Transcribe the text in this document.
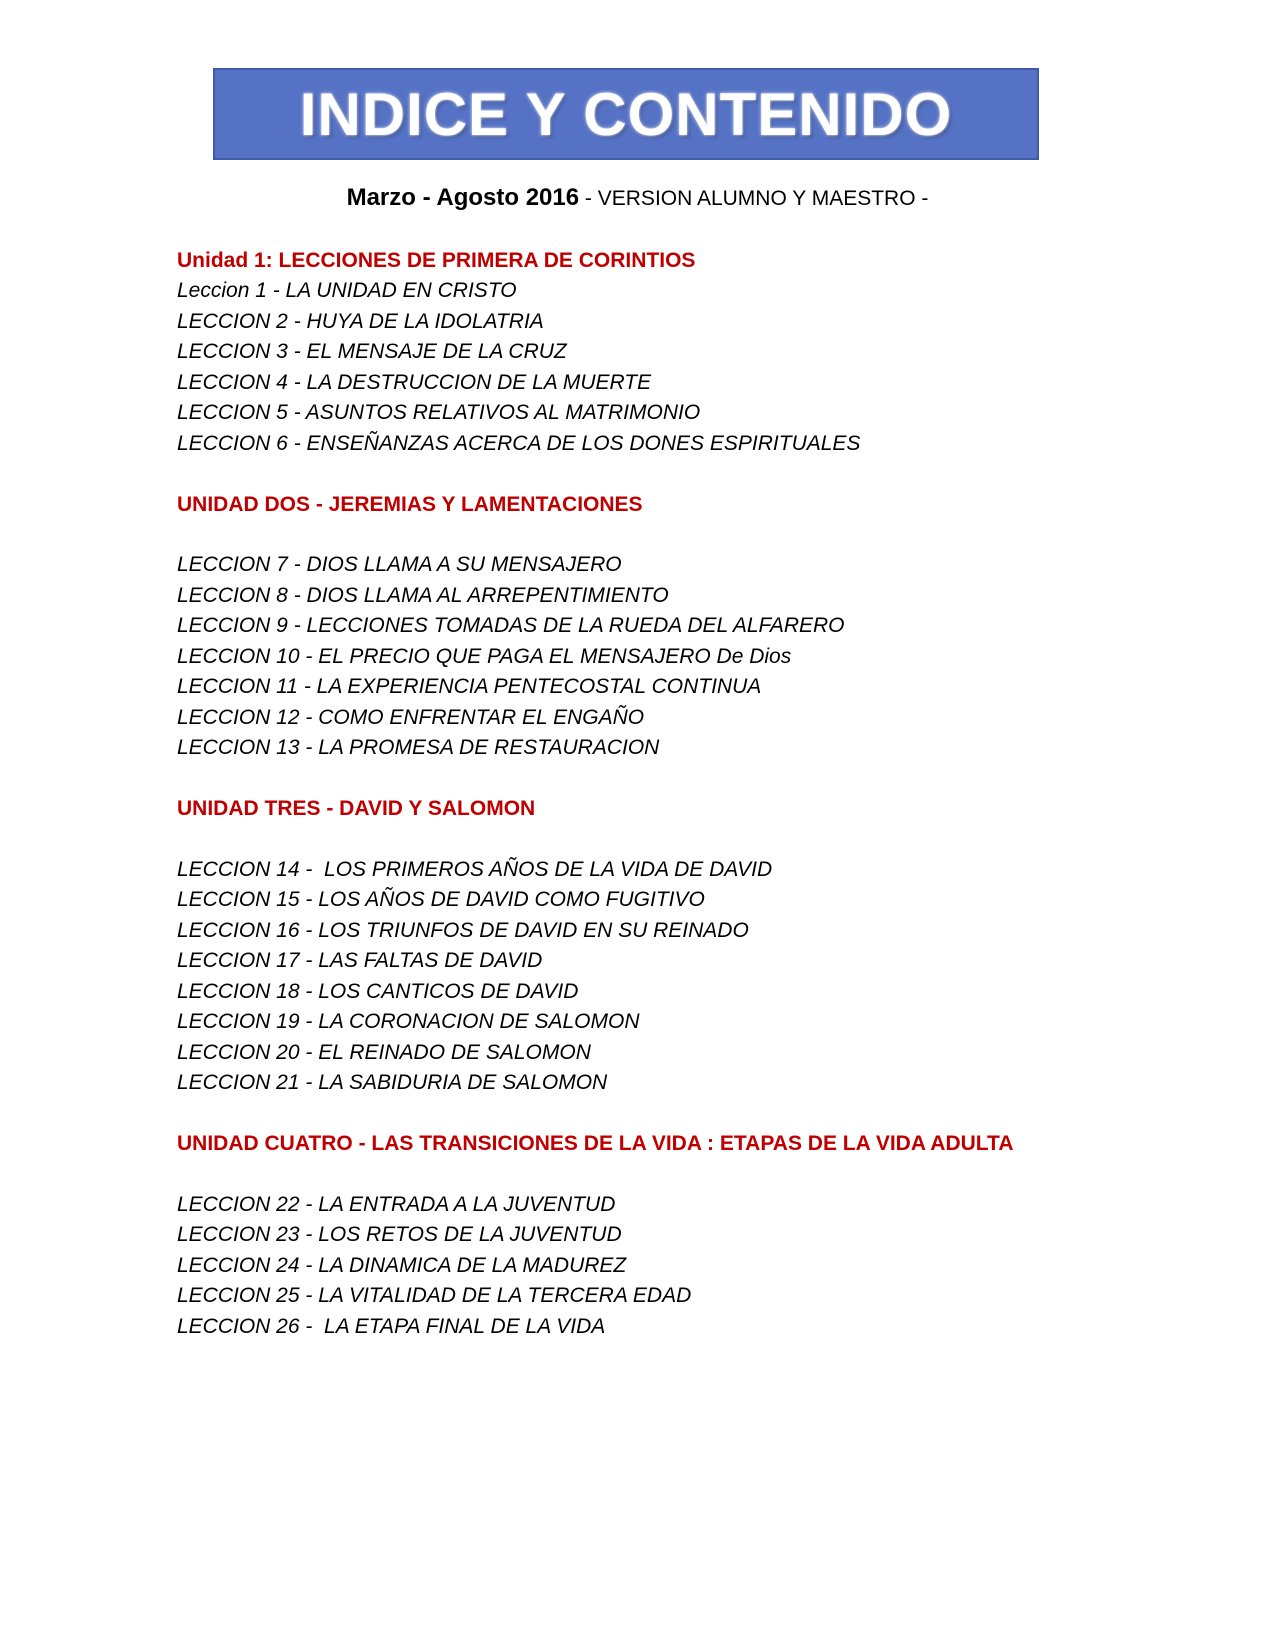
INDICE Y CONTENIDO
Marzo - Agosto 2016 - VERSION ALUMNO Y MAESTRO -
Unidad 1: LECCIONES DE PRIMERA DE CORINTIOS
Leccion 1 - LA UNIDAD EN CRISTO
LECCION 2 - HUYA DE LA IDOLATRIA
LECCION 3 - EL MENSAJE DE LA CRUZ
LECCION 4 - LA DESTRUCCION DE LA MUERTE
LECCION 5 - ASUNTOS RELATIVOS AL MATRIMONIO
LECCION 6 - ENSEÑANZAS ACERCA DE LOS DONES ESPIRITUALES
UNIDAD DOS - JEREMIAS Y LAMENTACIONES
LECCION 7 - DIOS LLAMA A SU MENSAJERO
LECCION 8 - DIOS LLAMA AL ARREPENTIMIENTO
LECCION 9 - LECCIONES TOMADAS DE LA RUEDA DEL ALFARERO
LECCION 10 - EL PRECIO QUE PAGA EL MENSAJERO De Dios
LECCION 11 - LA EXPERIENCIA PENTECOSTAL CONTINUA
LECCION 12 - COMO ENFRENTAR EL ENGAÑO
LECCION 13 - LA PROMESA DE RESTAURACION
UNIDAD TRES - DAVID Y SALOMON
LECCION 14 -  LOS PRIMEROS AÑOS DE LA VIDA DE DAVID
LECCION 15 - LOS AÑOS DE DAVID COMO FUGITIVO
LECCION 16 - LOS TRIUNFOS DE DAVID EN SU REINADO
LECCION 17 - LAS FALTAS DE DAVID
LECCION 18 - LOS CANTICOS DE DAVID
LECCION 19 - LA CORONACION DE SALOMON
LECCION 20 - EL REINADO DE SALOMON
LECCION 21 - LA SABIDURIA DE SALOMON
UNIDAD CUATRO - LAS TRANSICIONES DE LA VIDA : ETAPAS DE LA VIDA ADULTA
LECCION 22 - LA ENTRADA A LA JUVENTUD
LECCION 23 - LOS RETOS DE LA JUVENTUD
LECCION 24 - LA DINAMICA DE LA MADUREZ
LECCION 25 - LA VITALIDAD DE LA TERCERA EDAD
LECCION 26 -  LA ETAPA FINAL DE LA VIDA
